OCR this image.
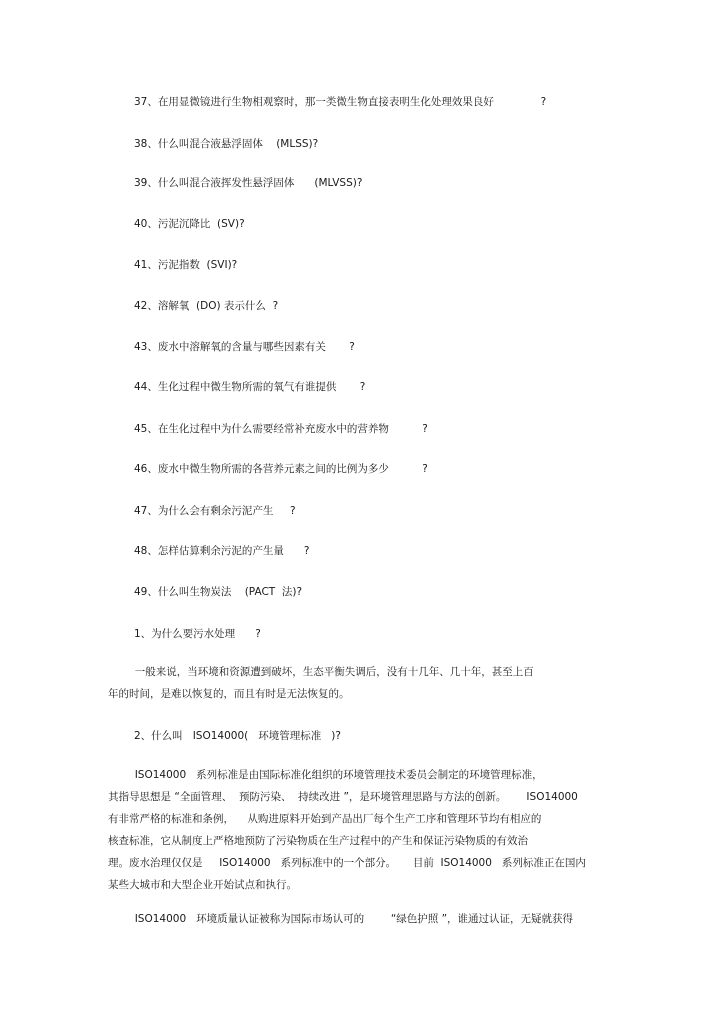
37、在用显微镜进行生物相观察时，那一类微生物直接表明生化处理效果良好              ?
38、什么叫混合液悬浮固体    (MLSS)?
39、什么叫混合液挥发性悬浮固体      (MLVSS)?
40、污泥沉降比  (SV)?
41、污泥指数  (SVI)?
42、溶解氧  (DO) 表示什么  ?
43、废水中溶解氧的含量与哪些因素有关       ?
44、生化过程中微生物所需的氧气有谁提供       ?
45、在生化过程中为什么需要经常补充废水中的营养物          ?
46、废水中微生物所需的各营养元素之间的比例为多少          ?
47、为什么会有剩余污泥产生     ?
48、怎样估算剩余污泥的产生量      ?
49、什么叫生物炭法    (PACT  法)?
1、为什么要污水处理      ?
一般来说，当环境和资源遭到破坏，生态平衡失调后，没有十几年、几十年，甚至上百
年的时间，是难以恢复的，而且有时是无法恢复的。
2、什么叫   ISO14000(   环境管理标准   )?
ISO14000   系列标准是由国际标准化组织的环境管理技术委员会制定的环境管理标准，
其指导思想是 “全面管理、  预防污染、  持续改进 ”，是环境管理思路与方法的创新。      ISO14000
有非常严格的标准和条例，    从购进原料开始到产品出厂每个生产工序和管理环节均有相应的
核查标准，它从制度上严格地预防了污染物质在生产过程中的产生和保证污染物质的有效治
理。废水治理仅仅是     ISO14000   系列标准中的一个部分。     目前  ISO14000   系列标准正在国内
某些大城市和大型企业开始试点和执行。
ISO14000   环境质量认证被称为国际市场认可的        “绿色护照 ”，谁通过认证，无疑就获得
